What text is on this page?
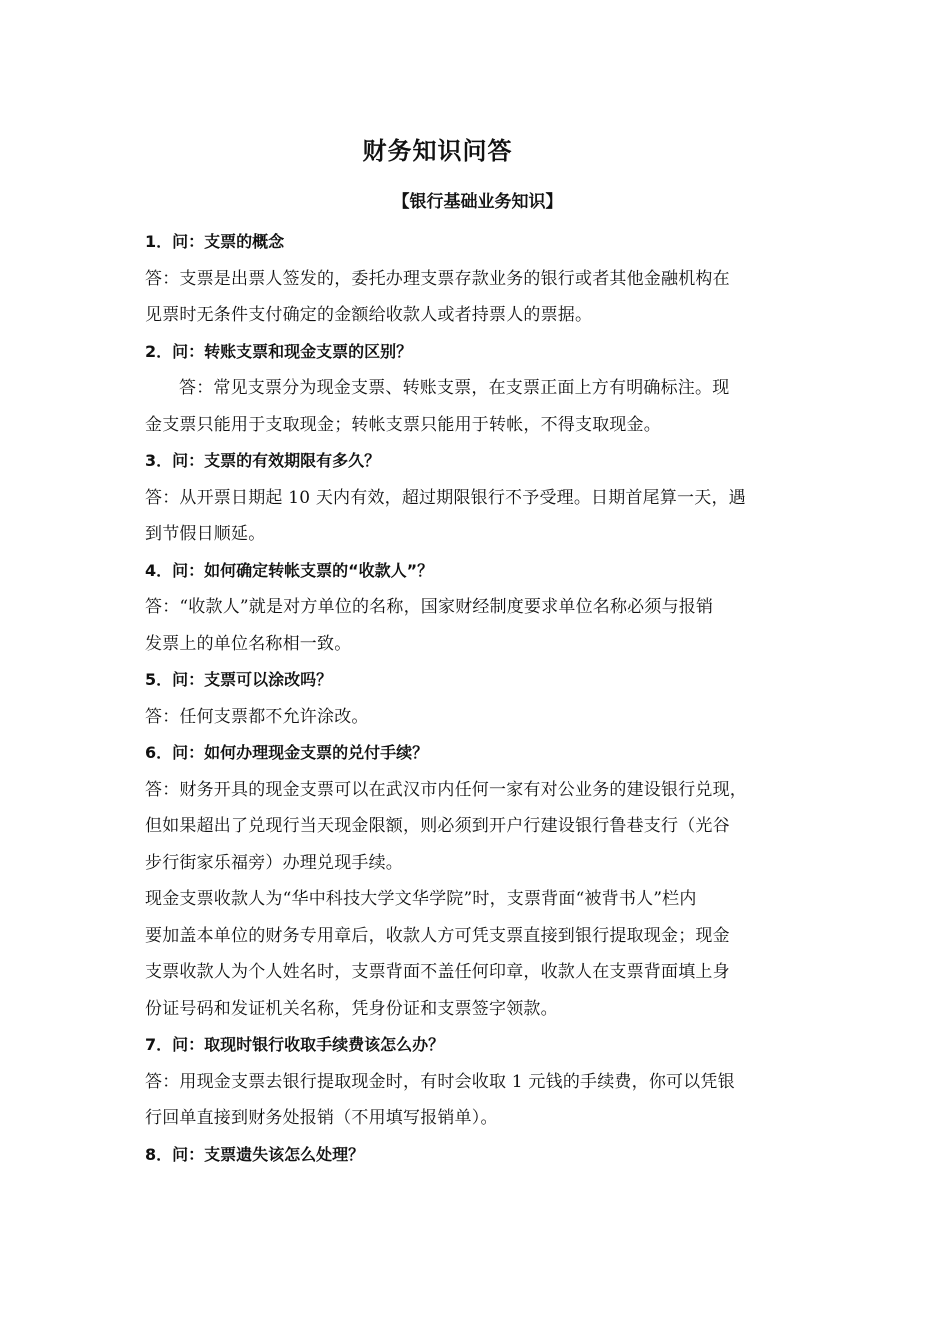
财务知识问答
【银行基础业务知识】
1．问：支票的概念
答：支票是出票人签发的，委托办理支票存款业务的银行或者其他金融机构在
见票时无条件支付确定的金额给收款人或者持票人的票据。
2．问：转账支票和现金支票的区别？
答：常见支票分为现金支票、转账支票，在支票正面上方有明确标注。现
金支票只能用于支取现金；转帐支票只能用于转帐，不得支取现金。
3．问：支票的有效期限有多久？
答：从开票日期起 10 天内有效，超过期限银行不予受理。日期首尾算一天，遇
到节假日顺延。
4．问：如何确定转帐支票的“收款人”？
答：“收款人”就是对方单位的名称，国家财经制度要求单位名称必须与报销
发票上的单位名称相一致。
5．问：支票可以涂改吗？
答：任何支票都不允许涂改。
6．问：如何办理现金支票的兑付手续？
答：财务开具的现金支票可以在武汉市内任何一家有对公业务的建设银行兑现，
但如果超出了兑现行当天现金限额，则必须到开户行建设银行鲁巷支行（光谷
步行街家乐福旁）办理兑现手续。
现金支票收款人为“华中科技大学文华学院”时，支票背面“被背书人”栏内
要加盖本单位的财务专用章后，收款人方可凭支票直接到银行提取现金；现金
支票收款人为个人姓名时，支票背面不盖任何印章，收款人在支票背面填上身
份证号码和发证机关名称，凭身份证和支票签字领款。
7．问：取现时银行收取手续费该怎么办？
答：用现金支票去银行提取现金时，有时会收取 1 元钱的手续费，你可以凭银
行回单直接到财务处报销（不用填写报销单）。
8．问：支票遗失该怎么处理？
